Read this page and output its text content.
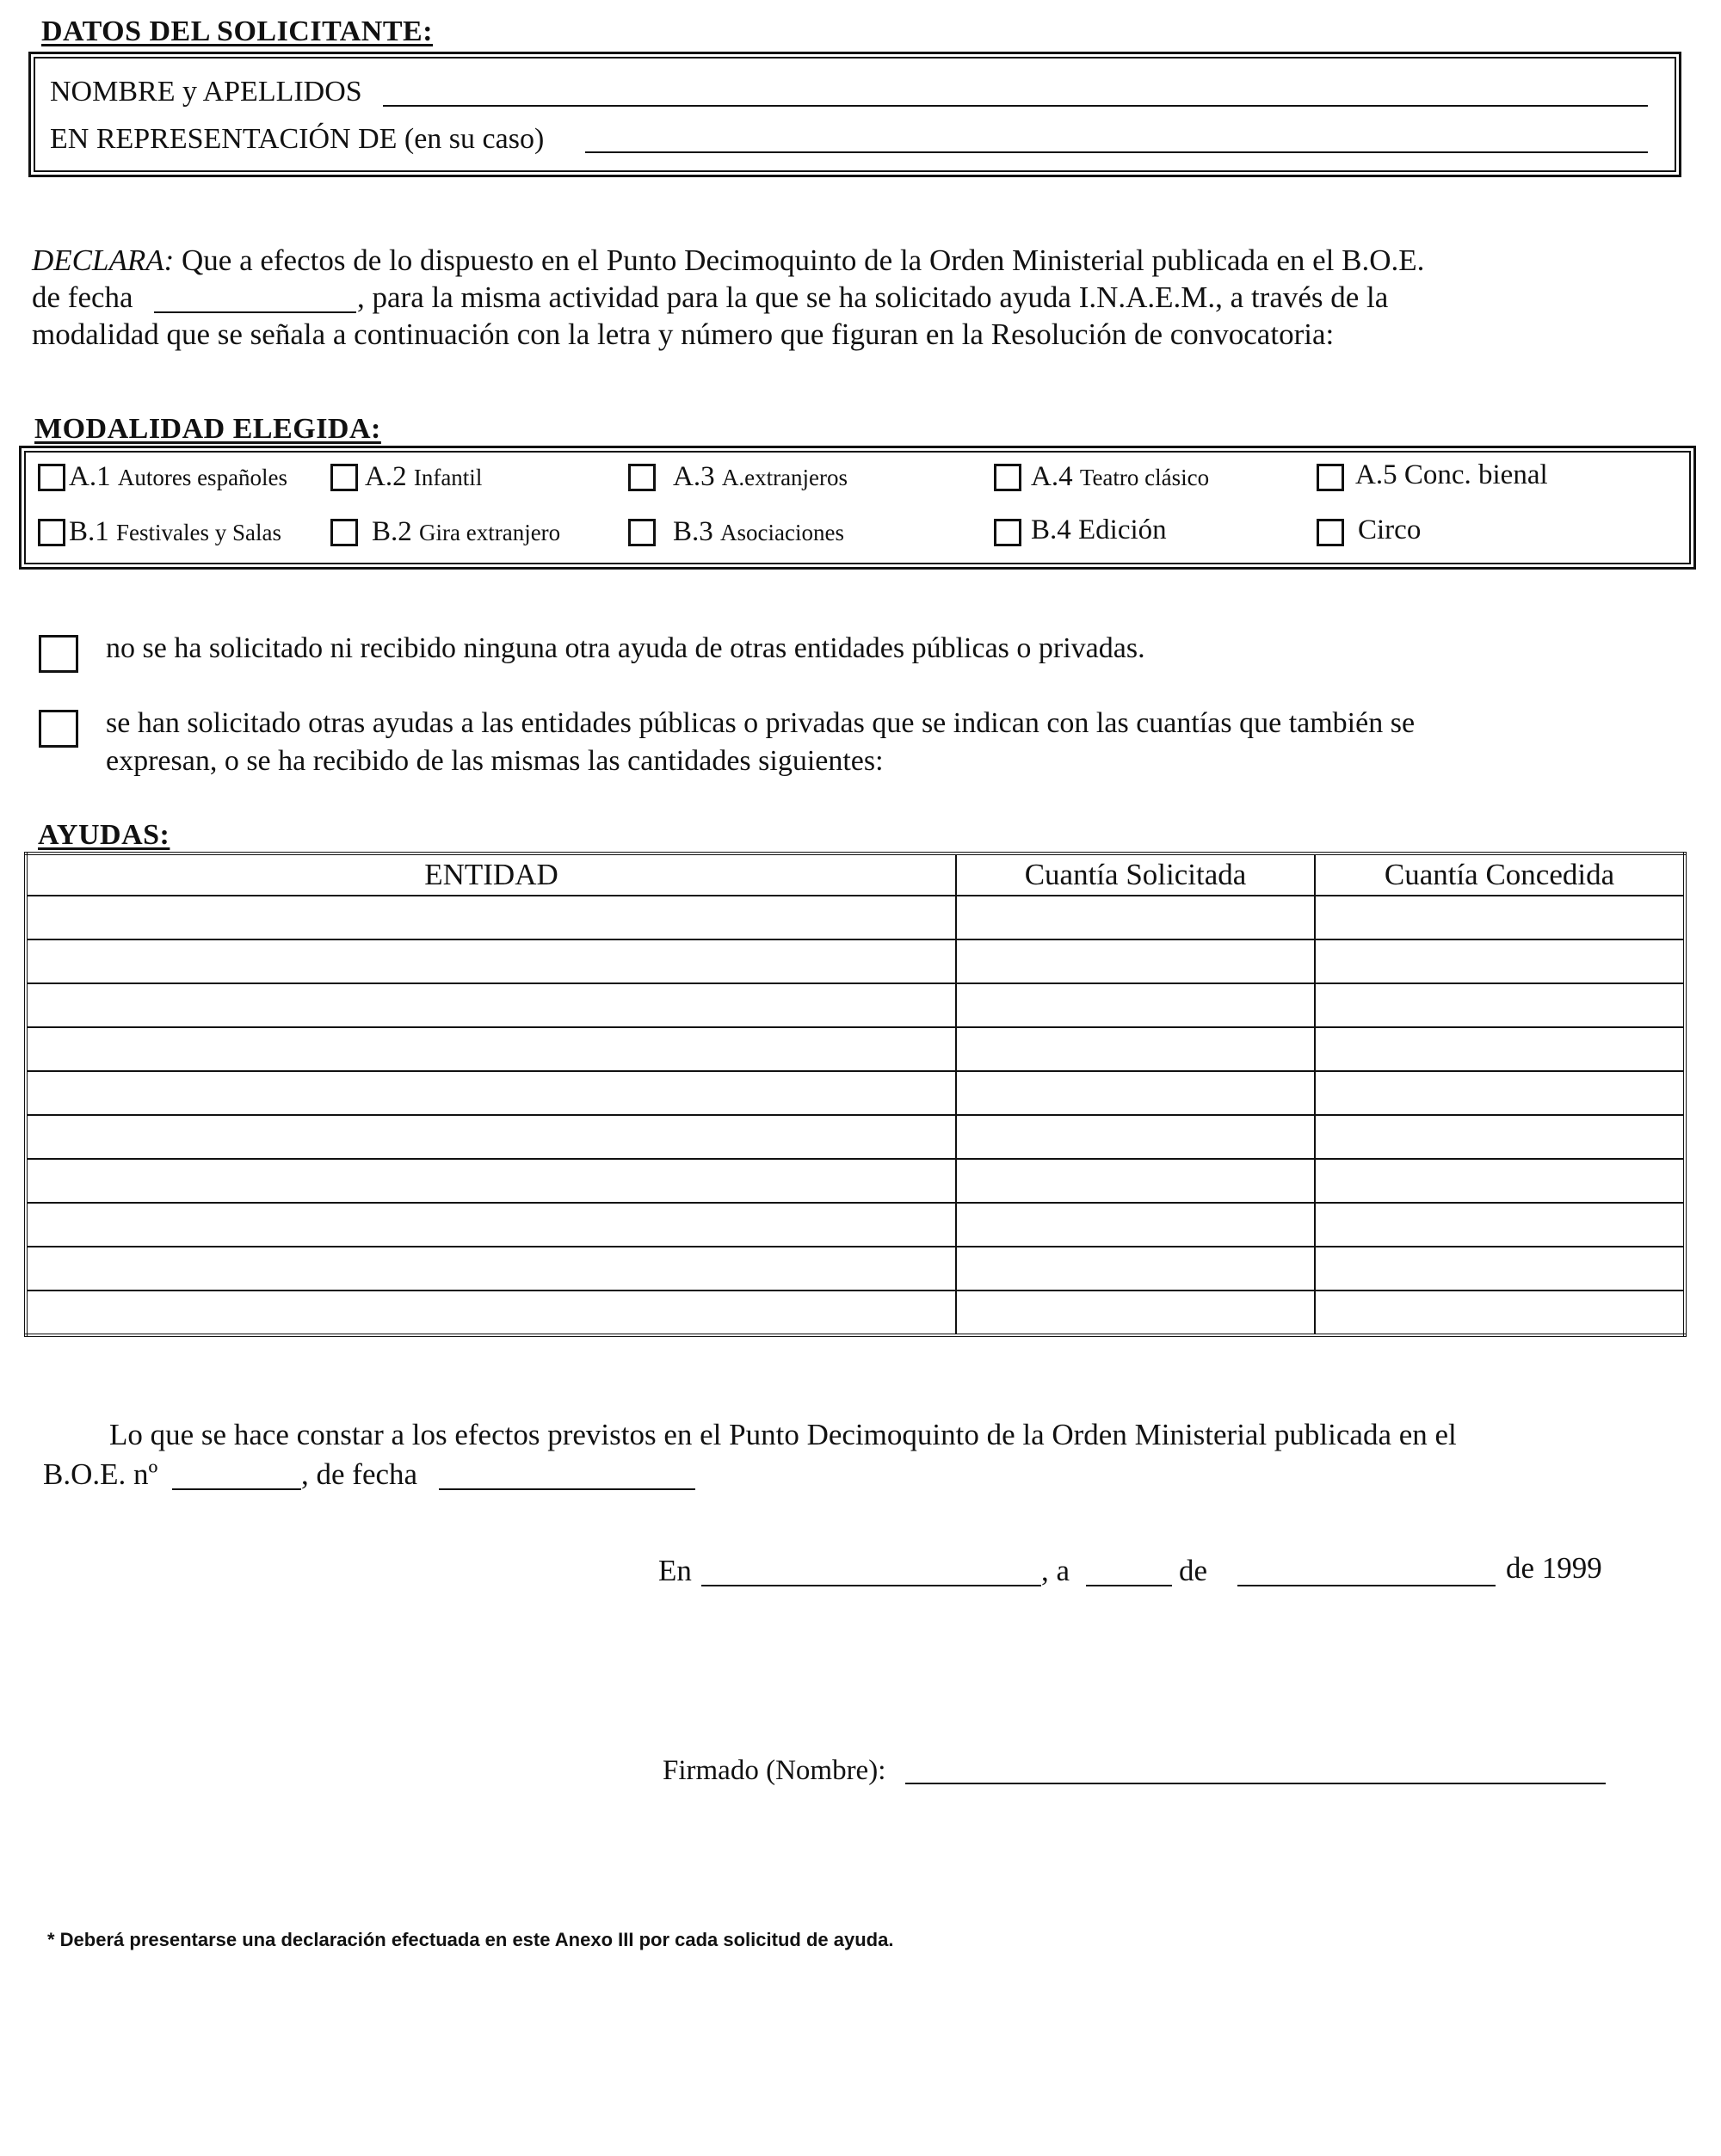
DATOS DEL SOLICITANTE:
NOMBRE y APELLIDOS
EN REPRESENTACIÓN DE (en su caso)
DECLARA: Que a efectos de lo dispuesto en el Punto Decimoquinto de la Orden Ministerial publicada en el B.O.E.
de fecha	, para la misma actividad para la que se ha solicitado ayuda I.N.A.E.M., a través de la
modalidad que se señala a continuación con la letra y número que figuran en la Resolución de convocatoria:
MODALIDAD ELEGIDA:
A.1 Autores españoles	A.2 Infantil	A.3 A.extranjeros	A.4 Teatro clásico	A.5 Conc. bienal
B.1 Festivales y Salas	B.2 Gira extranjero	B.3 Asociaciones	B.4 Edición	Circo
no se ha solicitado ni recibido ninguna otra ayuda de otras entidades públicas o privadas.
se han solicitado otras ayudas a las entidades públicas o privadas que se indican con las cuantías que también se
expresan, o se ha recibido de las mismas las cantidades siguientes:
AYUDAS:
ENTIDAD	Cuantía Solicitada	Cuantía Concedida

Lo que se hace constar a los efectos previstos en el Punto Decimoquinto de la Orden Ministerial publicada en el
B.O.E. nº	, de fecha
En	, a	de	de 1999
Firmado (Nombre):
* Deberá presentarse una declaración efectuada en este Anexo III por cada solicitud de ayuda.
